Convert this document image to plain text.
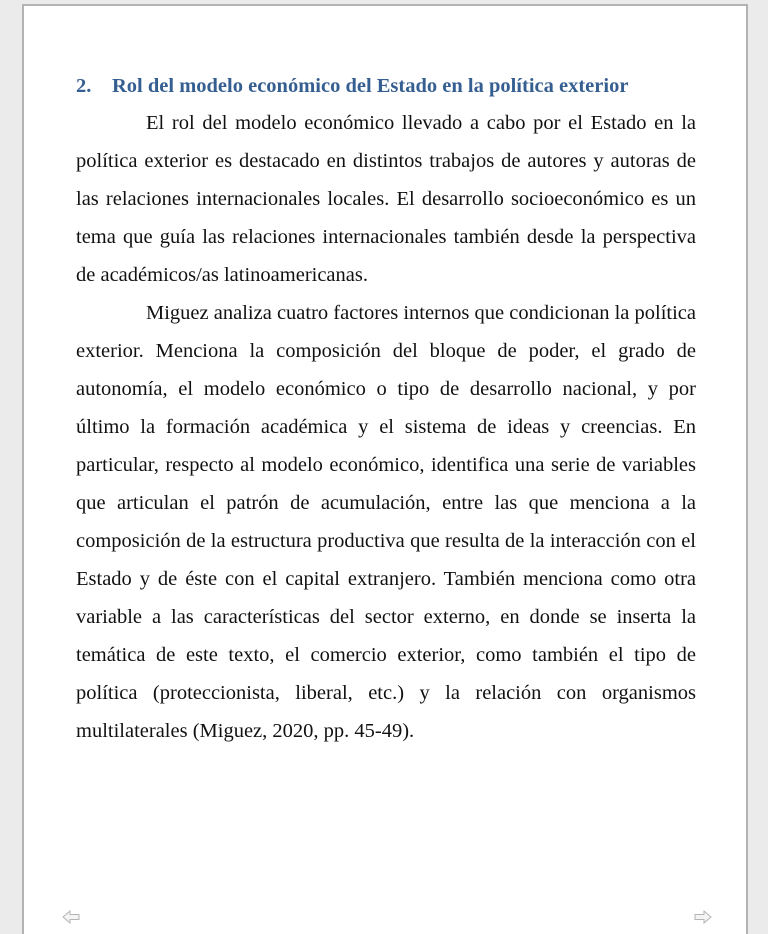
2. Rol del modelo económico del Estado en la política exterior

El rol del modelo económico llevado a cabo por el Estado en la política exterior es destacado en distintos trabajos de autores y autoras de las relaciones internacionales locales. El desarrollo socioeconómico es un tema que guía las relaciones internacionales también desde la perspectiva de académicos/as latinoamericanas.

Miguez analiza cuatro factores internos que condicionan la política exterior. Menciona la composición del bloque de poder, el grado de autonomía, el modelo económico o tipo de desarrollo nacional, y por último la formación académica y el sistema de ideas y creencias. En particular, respecto al modelo económico, identifica una serie de variables que articulan el patrón de acumulación, entre las que menciona a la composición de la estructura productiva que resulta de la interacción con el Estado y de éste con el capital extranjero. También menciona como otra variable a las características del sector externo, en donde se inserta la temática de este texto, el comercio exterior, como también el tipo de política (proteccionista, liberal, etc.) y la relación con organismos multilaterales (Miguez, 2020, pp. 45-49).
